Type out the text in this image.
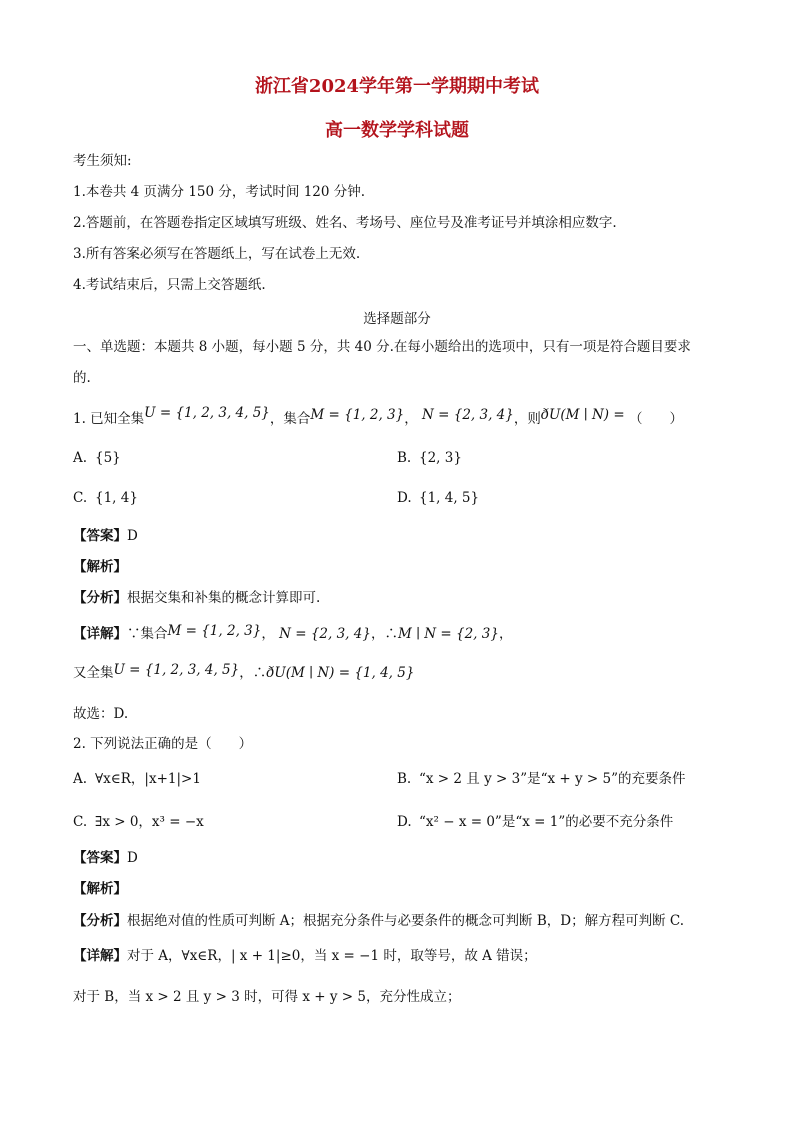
浙江省2024学年第一学期期中考试
高一数学学科试题
考生须知:
1.本卷共 4 页满分 150 分，考试时间 120 分钟.
2.答题前，在答题卷指定区域填写班级、姓名、考场号、座位号及准考证号并填涂相应数字.
3.所有答案必须写在答题纸上，写在试卷上无效.
4.考试结束后，只需上交答题纸.
选择题部分
一、单选题：本题共 8 小题，每小题 5 分，共 40 分.在每小题给出的选项中，只有一项是符合题目要求
的.
1. 已知全集U = {1, 2, 3, 4, 5}，集合M = {1, 2, 3}， N = {2, 3, 4}，则ðU(M ∣ N) = （　　）
A. {5}	B. {2, 3}
C. {1, 4}	D. {1, 4, 5}
【答案】D
【解析】
【分析】根据交集和补集的概念计算即可.
【详解】∵集合M = {1, 2, 3}， N = {2, 3, 4}，∴M ∣ N = {2, 3}，
又全集U = {1, 2, 3, 4, 5}，∴ðU(M ∣ N) = {1, 4, 5}
故选：D.
2. 下列说法正确的是（　　）
A. ∀x∈R，|x+1|>1	B. “x > 2 且 y > 3”是“x + y > 5”的充要条件
C. ∃x > 0，x³ = −x	D. “x² − x = 0”是“x = 1”的必要不充分条件
【答案】D
【解析】
【分析】根据绝对值的性质可判断 A；根据充分条件与必要条件的概念可判断 B，D；解方程可判断 C.
【详解】对于 A，∀x∈R，| x + 1|≥0，当 x = −1 时，取等号，故 A 错误；
对于 B，当 x > 2 且 y > 3 时，可得 x + y > 5，充分性成立；
